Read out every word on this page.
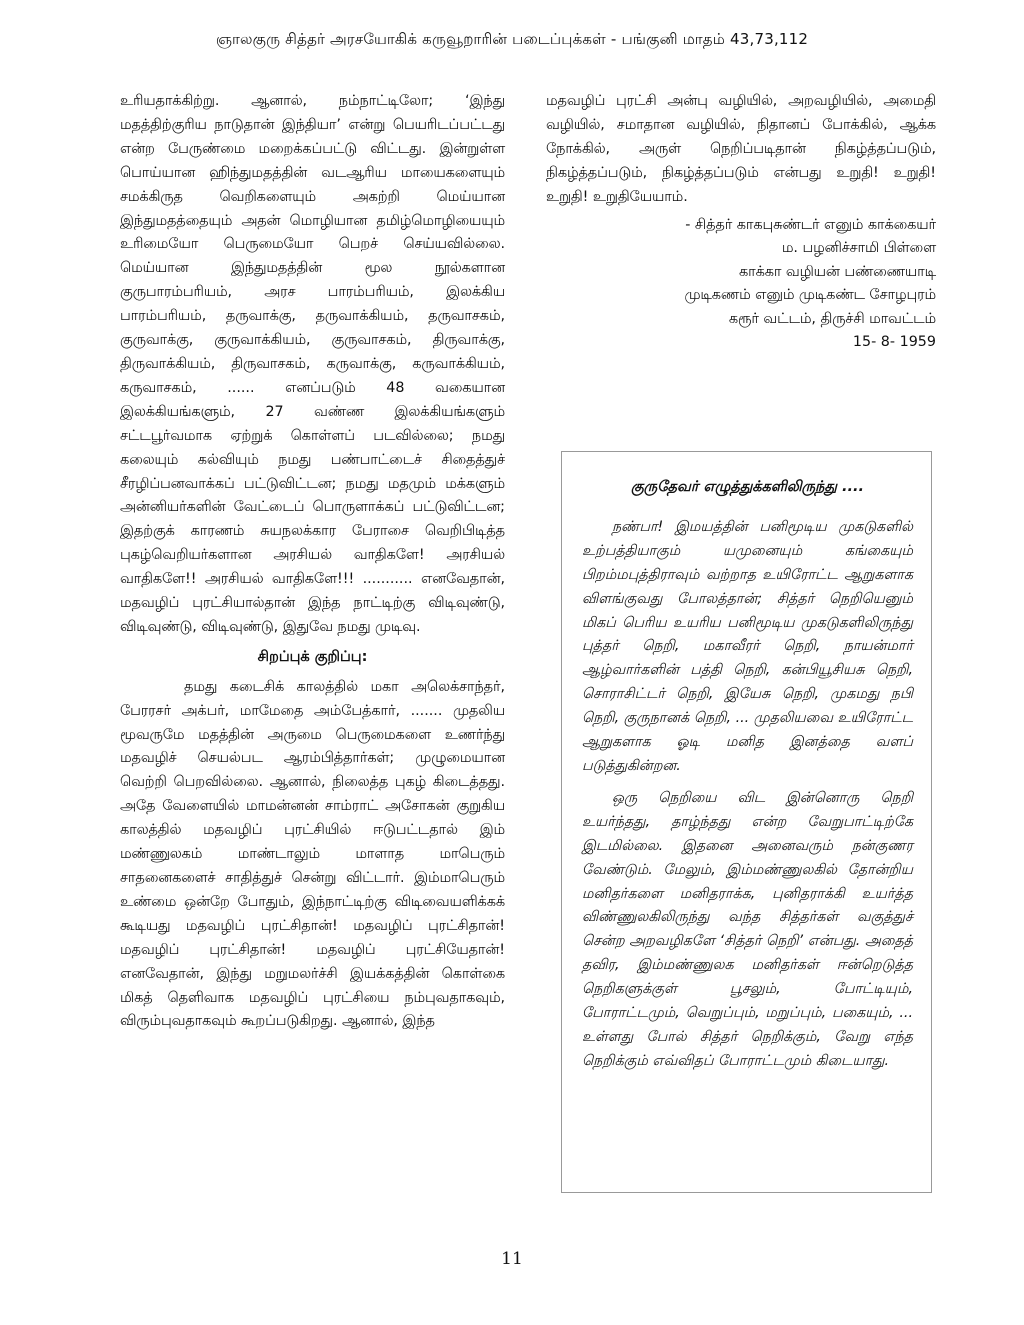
ஞாலகுரு சித்தர் அரசயோகிக் கருவூறாரின் படைப்புக்கள் - பங்குனி மாதம் 43,73,112

உரியதாக்கிற்று. ஆனால், நம்நாட்டிலோ; ‘இந்து மதத்திற்குரிய நாடுதான் இந்தியா’ என்று பெயரிடப்பட்டது என்ற பேருண்மை மறைக்கப்பட்டு விட்டது. இன்றுள்ள பொய்யான ஹிந்துமதத்தின் வடஆரிய மாயைகளையும் சமக்கிருத வெறிகளையும் அகற்றி மெய்யான இந்துமதத்தையும் அதன் மொழியான தமிழ்மொழியையும் உரிமையோ பெருமையோ பெறச் செய்யவில்லை. மெய்யான இந்துமதத்தின் மூல நூல்களான குருபாரம்பரியம், அரச பாரம்பரியம், இலக்கிய பாரம்பரியம், தருவாக்கு, தருவாக்கியம், தருவாசகம், குருவாக்கு, குருவாக்கியம், குருவாசகம், திருவாக்கு, திருவாக்கியம், திருவாசகம், கருவாக்கு, கருவாக்கியம், கருவாசகம், ...... எனப்படும் 48 வகையான இலக்கியங்களும், 27 வண்ண இலக்கியங்களும் சட்டபூர்வமாக ஏற்றுக் கொள்ளப் படவில்லை; நமது கலையும் கல்வியும் நமது பண்பாட்டைச் சிதைத்துச் சீரழிப்பனவாக்கப் பட்டுவிட்டன; நமது மதமும் மக்களும் அன்னியர்களின் வேட்டைப் பொருளாக்கப் பட்டுவிட்டன; இதற்குக் காரணம் சுயநலக்கார பேராசை வெறிபிடித்த புகழ்வெறியர்களான அரசியல் வாதிகளே! அரசியல் வாதிகளே!! அரசியல் வாதிகளே!!! ........... எனவேதான், மதவழிப் புரட்சியால்தான் இந்த நாட்டிற்கு விடிவுண்டு, விடிவுண்டு, விடிவுண்டு, இதுவே நமது முடிவு.

சிறப்புக் குறிப்பு:

தமது கடைசிக் காலத்தில் மகா அலெக்சாந்தர், பேரரசர் அக்பர், மாமேதை அம்பேத்கார், ....... முதலிய மூவருமே மதத்தின் அருமை பெருமைகளை உணர்ந்து மதவழிச் செயல்பட ஆரம்பித்தார்கள்; முழுமையான வெற்றி பெறவில்லை. ஆனால், நிலைத்த புகழ் கிடைத்தது. அதே வேளையில் மாமன்னன் சாம்ராட் அசோகன் குறுகிய காலத்தில் மதவழிப் புரட்சியில் ஈடுபட்டதால் இம் மண்ணுலகம் மாண்டாலும் மாளாத மாபெரும் சாதனைகளைச் சாதித்துச் சென்று விட்டார். இம்மாபெரும் உண்மை ஒன்றே போதும், இந்நாட்டிற்கு விடிவையளிக்கக் கூடியது மதவழிப் புரட்சிதான்! மதவழிப் புரட்சிதான்! மதவழிப் புரட்சிதான்! மதவழிப் புரட்சியேதான்! எனவேதான், இந்து மறுமலர்ச்சி இயக்கத்தின் கொள்கை மிகத் தெளிவாக மதவழிப் புரட்சியை நம்புவதாகவும், விரும்புவதாகவும் கூறப்படுகிறது. ஆனால், இந்த

மதவழிப் புரட்சி அன்பு வழியில், அறவழியில், அமைதி வழியில், சமாதான வழியில், நிதானப் போக்கில், ஆக்க நோக்கில், அருள் நெறிப்படிதான் நிகழ்த்தப்படும், நிகழ்த்தப்படும், நிகழ்த்தப்படும் என்பது உறுதி! உறுதி! உறுதி! உறுதியேயாம்.

- சித்தர் காகபுசுண்டர் எனும் காக்கையர்
ம. பழனிச்சாமி பிள்ளை
காக்கா வழியன் பண்ணையாடி
முடிகணம் எனும் முடிகண்ட சோழபுரம்
கரூர் வட்டம், திருச்சி மாவட்டம்
15- 8- 1959
குருதேவர் எழுத்துக்களிலிருந்து ....

நண்பா! இமயத்தின் பனிமூடிய முகடுகளில் உற்பத்தியாகும் யமுனையும் கங்கையும் பிறம்மபுத்திராவும் வற்றாத உயிரோட்ட ஆறுகளாக விளங்குவது போலத்தான்; சித்தர் நெறியெனும் மிகப் பெரிய உயரிய பனிமூடிய முகடுகளிலிருந்து புத்தர் நெறி, மகாவீரர் நெறி, நாயன்மார் ஆழ்வார்களின் பத்தி நெறி, கன்பியூசியசு நெறி, சொராசிட்டர் நெறி, இயேசு நெறி, முகமது நபி நெறி, குருநானக் நெறி, ... முதலியவை உயிரோட்ட ஆறுகளாக ஓடி மனித இனத்தை வளப் படுத்துகின்றன.

ஒரு நெறியை விட இன்னொரு நெறி உயர்ந்தது, தாழ்ந்தது என்ற வேறுபாட்டிற்கே இடமில்லை. இதனை அனைவரும் நன்குணர வேண்டும். மேலும், இம்மண்ணுலகில் தோன்றிய மனிதர்களை மனிதராக்க, புனிதராக்கி உயர்த்த விண்ணுலகிலிருந்து வந்த சித்தர்கள் வகுத்துச் சென்ற அறவழிகளே ‘சித்தர் நெறி’ என்பது. அதைத் தவிர, இம்மண்ணுலக மனிதர்கள் ஈன்றெடுத்த நெறிகளுக்குள் பூசலும், போட்டியும், போராட்டமும், வெறுப்பும், மறுப்பும், பகையும், ... உள்ளது போல் சித்தர் நெறிக்கும், வேறு எந்த நெறிக்கும் எவ்விதப் போராட்டமும் கிடையாது.

11
